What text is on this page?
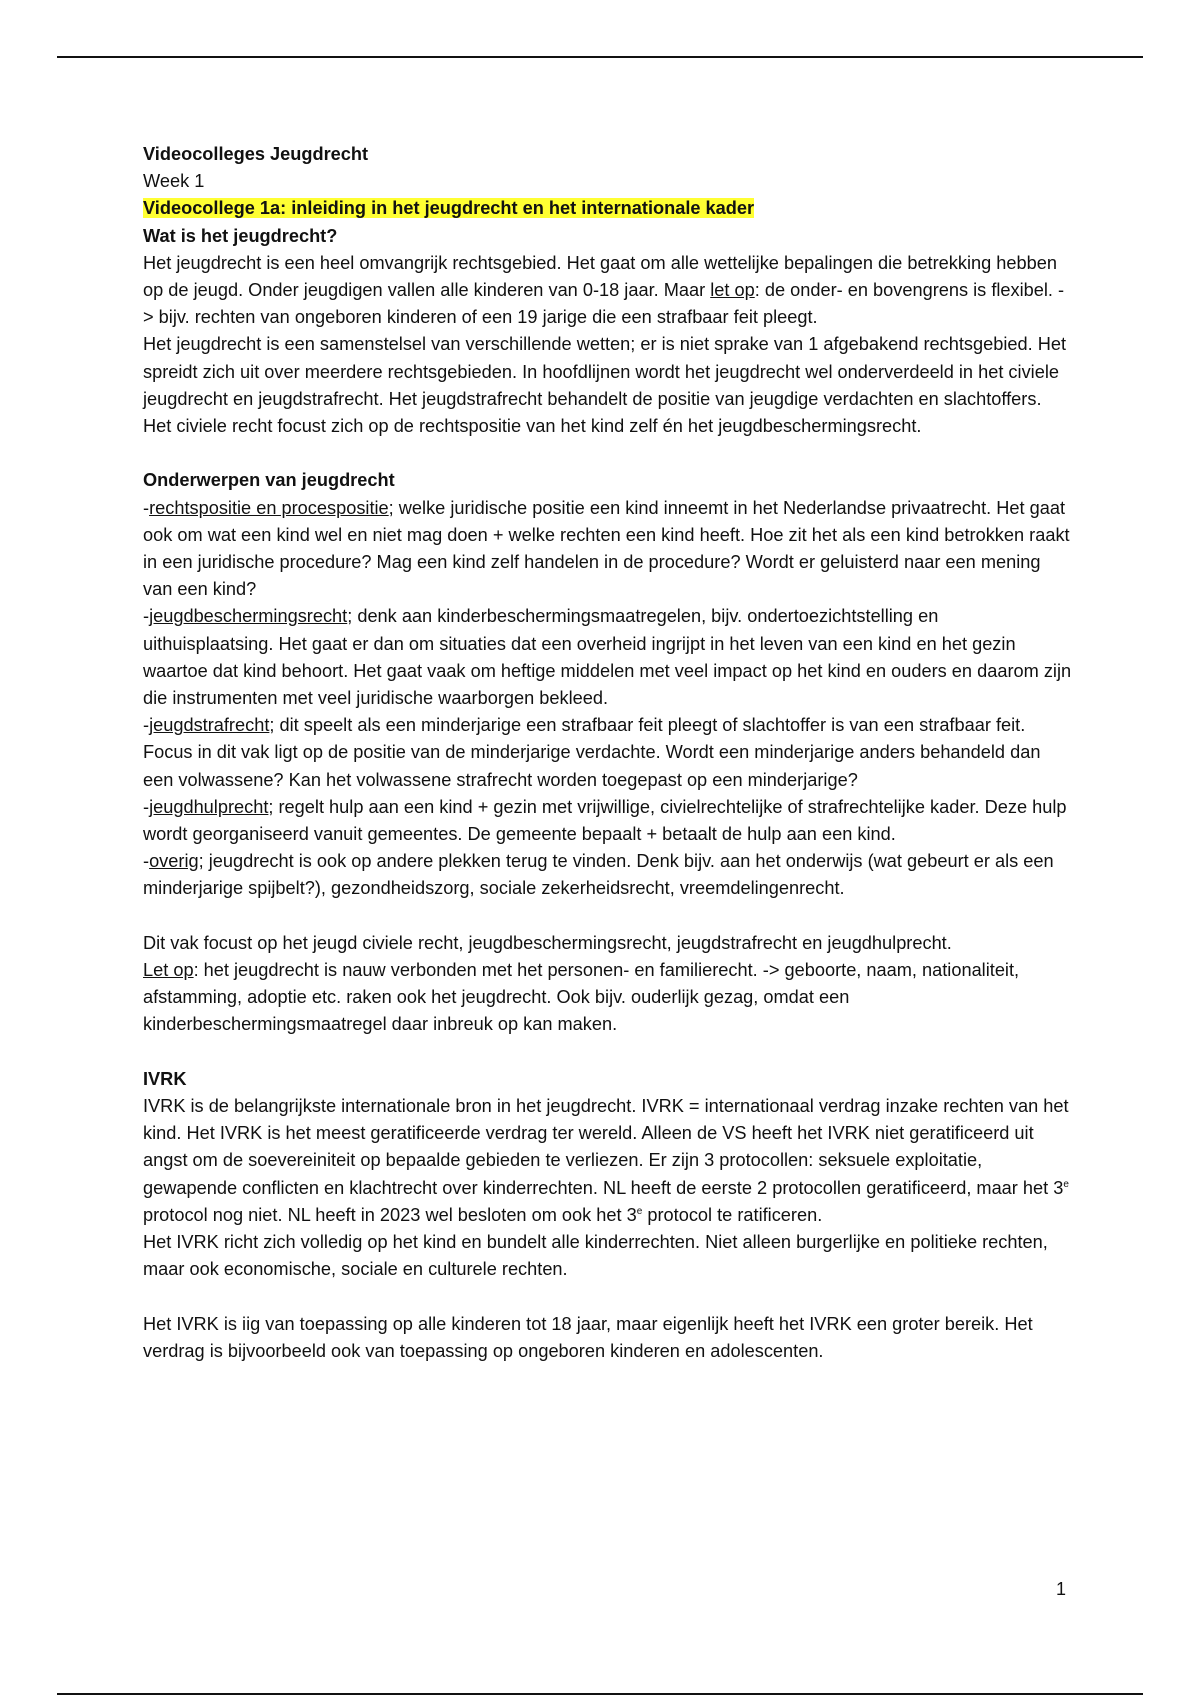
Videocolleges Jeugdrecht

Week 1

Videocollege 1a: inleiding in het jeugdrecht en het internationale kader

Wat is het jeugdrecht?

Het jeugdrecht is een heel omvangrijk rechtsgebied. Het gaat om alle wettelijke bepalingen die betrekking hebben op de jeugd. Onder jeugdigen vallen alle kinderen van 0-18 jaar. Maar let op: de onder- en bovengrens is flexibel. -> bijv. rechten van ongeboren kinderen of een 19 jarige die een strafbaar feit pleegt.

Het jeugdrecht is een samenstelsel van verschillende wetten; er is niet sprake van 1 afgebakend rechtsgebied. Het spreidt zich uit over meerdere rechtsgebieden. In hoofdlijnen wordt het jeugdrecht wel onderverdeeld in het civiele jeugdrecht en jeugdstrafrecht. Het jeugdstrafrecht behandelt de positie van jeugdige verdachten en slachtoffers. Het civiele recht focust zich op de rechtspositie van het kind zelf én het jeugdbeschermingsrecht.

Onderwerpen van jeugdrecht

-rechtspositie en procespositie; welke juridische positie een kind inneemt in het Nederlandse privaatrecht. Het gaat ook om wat een kind wel en niet mag doen + welke rechten een kind heeft. Hoe zit het als een kind betrokken raakt in een juridische procedure? Mag een kind zelf handelen in de procedure? Wordt er geluisterd naar een mening van een kind?

-jeugdbeschermingsrecht; denk aan kinderbeschermingsmaatregelen, bijv. ondertoezichtstelling en uithuisplaatsing. Het gaat er dan om situaties dat een overheid ingrijpt in het leven van een kind en het gezin waartoe dat kind behoort. Het gaat vaak om heftige middelen met veel impact op het kind en ouders en daarom zijn die instrumenten met veel juridische waarborgen bekleed.

-jeugdstrafrecht; dit speelt als een minderjarige een strafbaar feit pleegt of slachtoffer is van een strafbaar feit. Focus in dit vak ligt op de positie van de minderjarige verdachte. Wordt een minderjarige anders behandeld dan een volwassene? Kan het volwassene strafrecht worden toegepast op een minderjarige?

-jeugdhulprecht; regelt hulp aan een kind + gezin met vrijwillige, civielrechtelijke of strafrechtelijke kader. Deze hulp wordt georganiseerd vanuit gemeentes. De gemeente bepaalt + betaalt de hulp aan een kind.

-overig; jeugdrecht is ook op andere plekken terug te vinden. Denk bijv. aan het onderwijs (wat gebeurt er als een minderjarige spijbelt?), gezondheidszorg, sociale zekerheidsrecht, vreemdelingenrecht.

Dit vak focust op het jeugd civiele recht, jeugdbeschermingsrecht, jeugdstrafrecht en jeugdhulprecht.

Let op: het jeugdrecht is nauw verbonden met het personen- en familierecht. -> geboorte, naam, nationaliteit, afstamming, adoptie etc. raken ook het jeugdrecht. Ook bijv. ouderlijk gezag, omdat een kinderbeschermingsmaatregel daar inbreuk op kan maken.

IVRK

IVRK is de belangrijkste internationale bron in het jeugdrecht. IVRK = internationaal verdrag inzake rechten van het kind. Het IVRK is het meest geratificeerde verdrag ter wereld. Alleen de VS heeft het IVRK niet geratificeerd uit angst om de soevereiniteit op bepaalde gebieden te verliezen. Er zijn 3 protocollen: seksuele exploitatie, gewapende conflicten en klachtrecht over kinderrechten. NL heeft de eerste 2 protocollen geratificeerd, maar het 3e protocol nog niet. NL heeft in 2023 wel besloten om ook het 3e protocol te ratificeren.

Het IVRK richt zich volledig op het kind en bundelt alle kinderrechten. Niet alleen burgerlijke en politieke rechten, maar ook economische, sociale en culturele rechten.

Het IVRK is iig van toepassing op alle kinderen tot 18 jaar, maar eigenlijk heeft het IVRK een groter bereik. Het verdrag is bijvoorbeeld ook van toepassing op ongeboren kinderen en adolescenten.

1
